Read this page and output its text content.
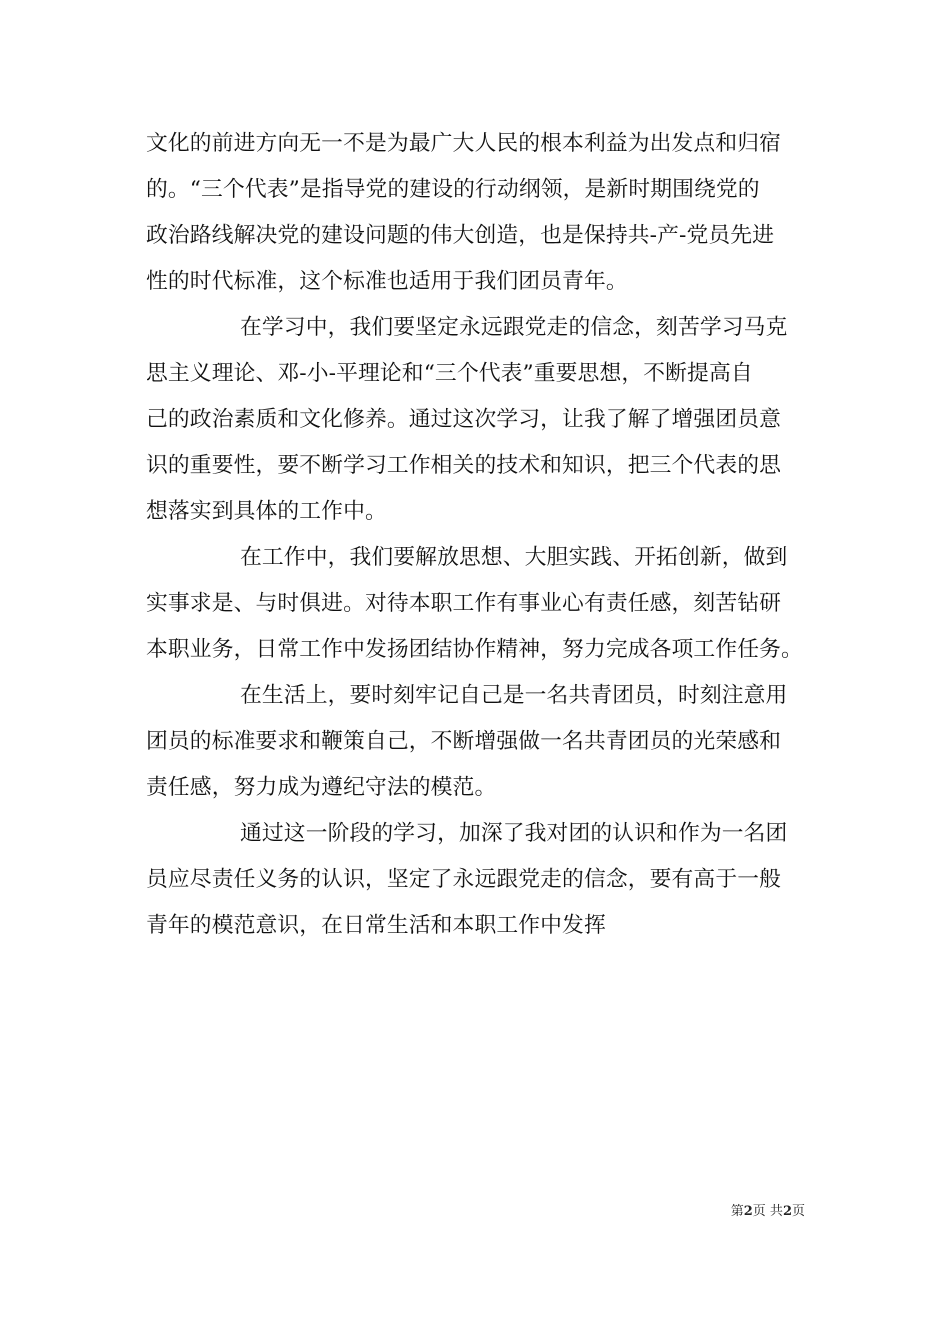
文化的前进方向无一不是为最广大人民的根本利益为出发点和归宿
的。“三个代表”是指导党的建设的行动纲领，是新时期围绕党的
政治路线解决党的建设问题的伟大创造，也是保持共-产-党员先进
性的时代标准，这个标准也适用于我们团员青年。
在学习中，我们要坚定永远跟党走的信念，刻苦学习马克
思主义理论、邓-小-平理论和“三个代表”重要思想，不断提高自
己的政治素质和文化修养。通过这次学习，让我了解了增强团员意
识的重要性，要不断学习工作相关的技术和知识，把三个代表的思
想落实到具体的工作中。
在工作中，我们要解放思想、大胆实践、开拓创新，做到
实事求是、与时俱进。对待本职工作有事业心有责任感，刻苦钻研
本职业务，日常工作中发扬团结协作精神，努力完成各项工作任务。
在生活上，要时刻牢记自己是一名共青团员，时刻注意用
团员的标准要求和鞭策自己，不断增强做一名共青团员的光荣感和
责任感，努力成为遵纪守法的模范。
通过这一阶段的学习，加深了我对团的认识和作为一名团
员应尽责任义务的认识，坚定了永远跟党走的信念，要有高于一般
青年的模范意识，在日常生活和本职工作中发挥
第2页 共2页
